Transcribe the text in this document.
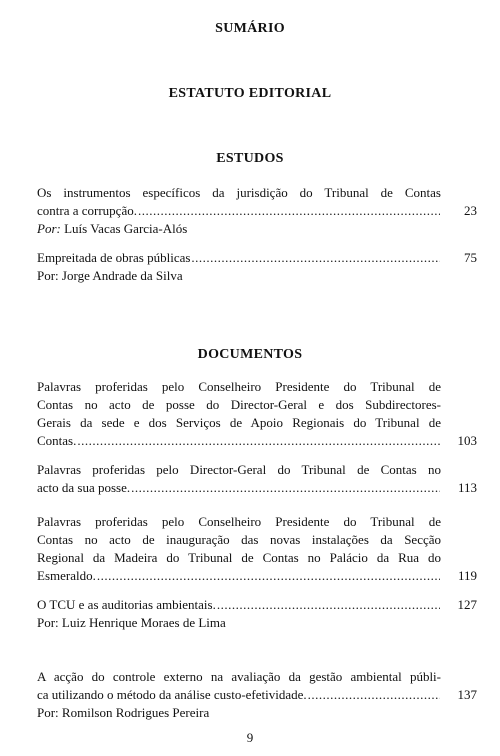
SUMÁRIO
ESTATUTO EDITORIAL
ESTUDOS
Os instrumentos específicos da jurisdição do Tribunal de Contas
contra a corrupção. .....	23
Por: Luís Vacas Garcia-Alós
Empreitada de obras públicas .....	75
Por: Jorge Andrade da Silva
DOCUMENTOS
Palavras proferidas pelo Conselheiro Presidente do Tribunal de
Contas no acto de posse do Director-Geral e dos Subdirectores-
Gerais da sede e dos Serviços de Apoio Regionais do Tribunal de
Contas. .....	103
Palavras proferidas pelo Director-Geral do Tribunal de Contas no
acto da sua posse. .....	113
Palavras proferidas pelo Conselheiro Presidente do Tribunal de
Contas no acto de inauguração das novas instalações da Secção
Regional da Madeira do Tribunal de Contas no Palácio da Rua do
Esmeraldo. .....	119
O TCU e as auditorias ambientais. .....	127
Por: Luiz Henrique Moraes de Lima
A acção do controle externo na avaliação da gestão ambiental públi-
ca utilizando o método da análise custo-efetividade. .....	137
Por: Romilson Rodrigues Pereira
9
